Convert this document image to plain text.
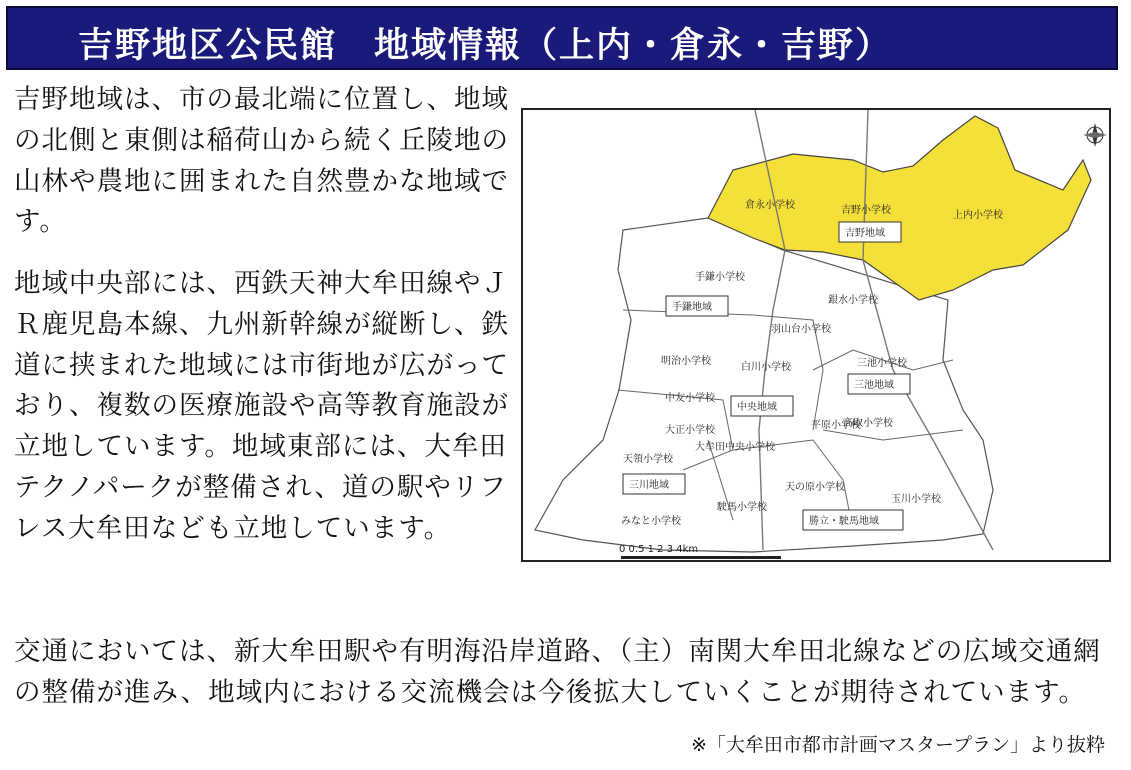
吉野地区公民館　地域情報（上内・倉永・吉野）

吉野地域は、市の最北端に位置し、地域の北側と東側は稲荷山から続く丘陵地の山林や農地に囲まれた自然豊かな地域です。

地域中央部には、西鉄天神大牟田線やＪＲ鹿児島本線、九州新幹線が縦断し、鉄道に挟まれた地域には市街地が広がっており、複数の医療施設や高等教育施設が立地しています。地域東部には、大牟田テクノパークが整備され、道の駅やリフレス大牟田なども立地しています。

交通においては、新大牟田駅や有明海沿岸道路、（主）南関大牟田北線などの広域交通網の整備が進み、地域内における交流機会は今後拡大していくことが期待されています。

※「大牟田市都市計画マスタープラン」より抜粋
吉野地域
手鎌地域
中央地域
三池地域
三川地域
勝立・駛馬地域
倉永小学校	吉野小学校	上内小学校
手鎌小学校
銀水小学校
羽山台小学校
明治小学校
白川小学校	三池小学校
中友小学校
平原小学校
高取小学校
大正小学校
大牟田中央小学校
天領小学校
天の原小学校
玉川小学校
駛馬小学校
みなと小学校
0 0.5 1 2 3 4km
